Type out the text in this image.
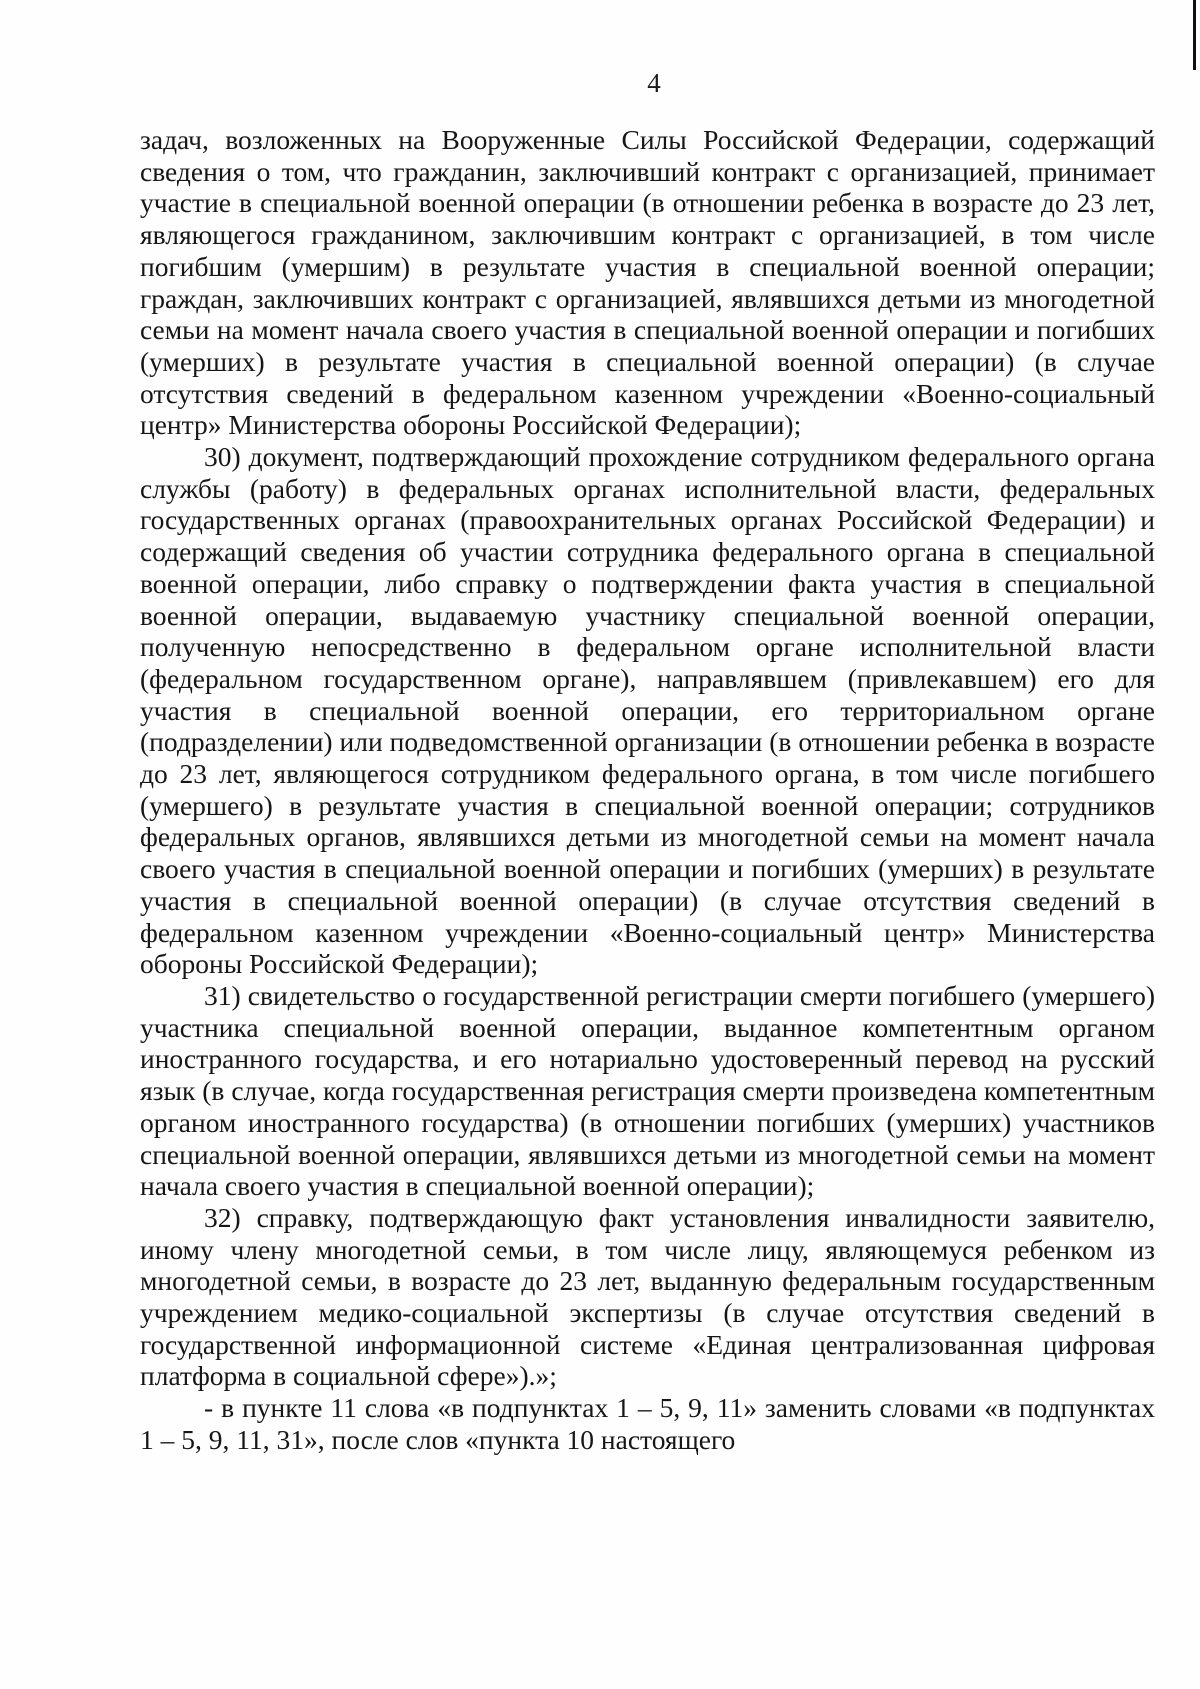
4

задач, возложенных на Вооруженные Силы Российской Федерации, содержащий сведения о том, что гражданин, заключивший контракт с организацией, принимает участие в специальной военной операции (в отношении ребенка в возрасте до 23 лет, являющегося гражданином, заключившим контракт с организацией, в том числе погибшим (умершим) в результате участия в специальной военной операции; граждан, заключивших контракт с организацией, являвшихся детьми из многодетной семьи на момент начала своего участия в специальной военной операции и погибших (умерших) в результате участия в специальной военной операции) (в случае отсутствия сведений в федеральном казенном учреждении «Военно-социальный центр» Министерства обороны Российской Федерации);

30) документ, подтверждающий прохождение сотрудником федерального органа службы (работу) в федеральных органах исполнительной власти, федеральных государственных органах (правоохранительных органах Российской Федерации) и содержащий сведения об участии сотрудника федерального органа в специальной военной операции, либо справку о подтверждении факта участия в специальной военной операции, выдаваемую участнику специальной военной операции, полученную непосредственно в федеральном органе исполнительной власти (федеральном государственном органе), направлявшем (привлекавшем) его для участия в специальной военной операции, его территориальном органе (подразделении) или подведомственной организации (в отношении ребенка в возрасте до 23 лет, являющегося сотрудником федерального органа, в том числе погибшего (умершего) в результате участия в специальной военной операции; сотрудников федеральных органов, являвшихся детьми из многодетной семьи на момент начала своего участия в специальной военной операции и погибших (умерших) в результате участия в специальной военной операции) (в случае отсутствия сведений в федеральном казенном учреждении «Военно-социальный центр» Министерства обороны Российской Федерации);

31) свидетельство о государственной регистрации смерти погибшего (умершего) участника специальной военной операции, выданное компетентным органом иностранного государства, и его нотариально удостоверенный перевод на русский язык (в случае, когда государственная регистрация смерти произведена компетентным органом иностранного государства) (в отношении погибших (умерших) участников специальной военной операции, являвшихся детьми из многодетной семьи на момент начала своего участия в специальной военной операции);

32) справку, подтверждающую факт установления инвалидности заявителю, иному члену многодетной семьи, в том числе лицу, являющемуся ребенком из многодетной семьи, в возрасте до 23 лет, выданную федеральным государственным учреждением медико-социальной экспертизы (в случае отсутствия сведений в государственной информационной системе «Единая централизованная цифровая платформа в социальной сфере»).»;

- в пункте 11 слова «в подпунктах 1 – 5, 9, 11» заменить словами «в подпунктах 1 – 5, 9, 11, 31», после слов «пункта 10 настоящего
